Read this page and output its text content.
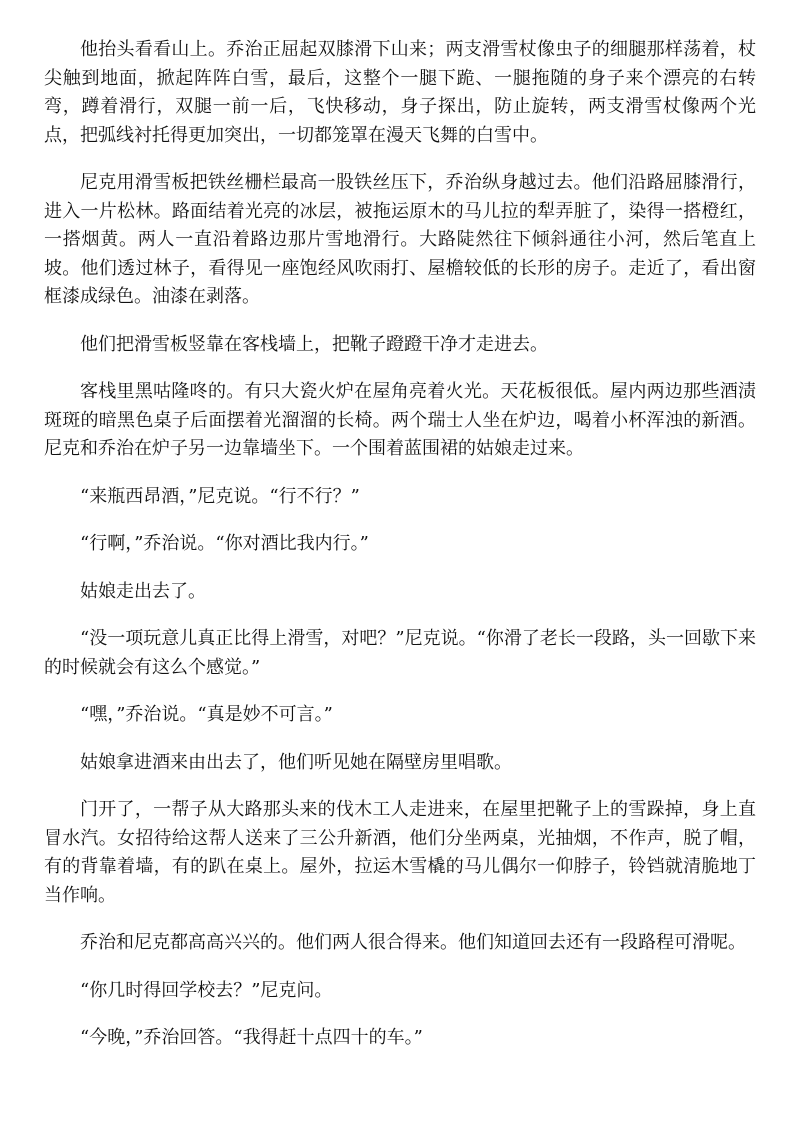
他抬头看看山上。乔治正屈起双膝滑下山来；两支滑雪杖像虫子的细腿那样荡着，杖尖触到地面，掀起阵阵白雪，最后，这整个一腿下跪、一腿拖随的身子来个漂亮的右转弯，蹲着滑行，双腿一前一后，飞快移动，身子探出，防止旋转，两支滑雪杖像两个光点，把弧线衬托得更加突出，一切都笼罩在漫天飞舞的白雪中。

尼克用滑雪板把铁丝栅栏最高一股铁丝压下，乔治纵身越过去。他们沿路屈膝滑行，进入一片松林。路面结着光亮的冰层，被拖运原木的马儿拉的犁弄脏了，染得一搭橙红，一搭烟黄。两人一直沿着路边那片雪地滑行。大路陡然往下倾斜通往小河，然后笔直上坡。他们透过林子，看得见一座饱经风吹雨打、屋檐较低的长形的房子。走近了，看出窗框漆成绿色。油漆在剥落。

他们把滑雪板竖靠在客栈墙上，把靴子蹬蹬干净才走进去。

客栈里黑咕隆咚的。有只大瓷火炉在屋角亮着火光。天花板很低。屋内两边那些酒渍斑斑的暗黑色桌子后面摆着光溜溜的长椅。两个瑞士人坐在炉边，喝着小杯浑浊的新酒。尼克和乔治在炉子另一边靠墙坐下。一个围着蓝围裙的姑娘走过来。

“来瓶西昂酒，”尼克说。“行不行？”

“行啊，”乔治说。“你对酒比我内行。”

姑娘走出去了。

“没一项玩意儿真正比得上滑雪，对吧？”尼克说。“你滑了老长一段路，头一回歇下来的时候就会有这么个感觉。”

“嘿，”乔治说。“真是妙不可言。”

姑娘拿进酒来由出去了，他们听见她在隔壁房里唱歌。

门开了，一帮子从大路那头来的伐木工人走进来，在屋里把靴子上的雪跺掉，身上直冒水汽。女招待给这帮人送来了三公升新酒，他们分坐两桌，光抽烟，不作声，脱了帽，有的背靠着墙，有的趴在桌上。屋外，拉运木雪橇的马儿偶尔一仰脖子，铃铛就清脆地丁当作响。

乔治和尼克都高高兴兴的。他们两人很合得来。他们知道回去还有一段路程可滑呢。

“你几时得回学校去？”尼克问。

“今晚，”乔治回答。“我得赶十点四十的车。”
